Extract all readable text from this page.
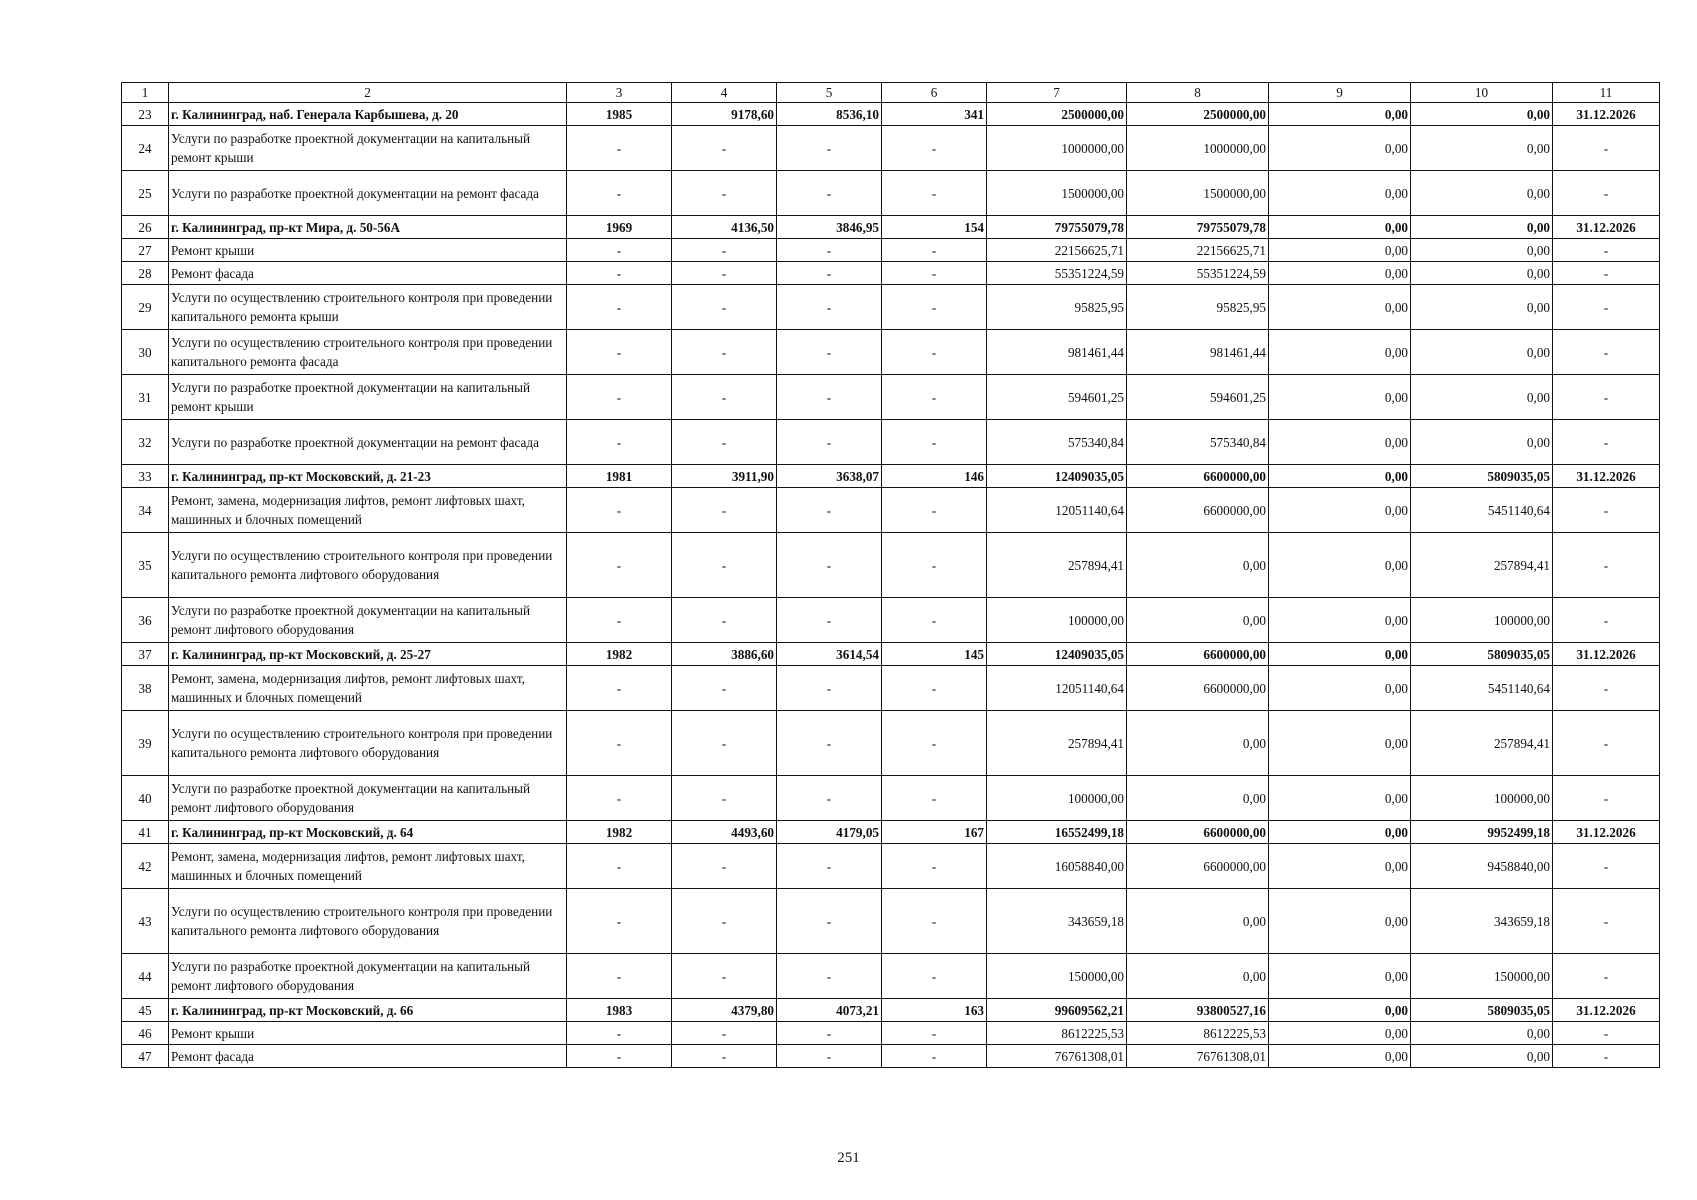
1	2	3	4	5	6	7	8	9	10	11
23	г. Калининград, наб. Генерала Карбышева, д. 20	1985	9178,60	8536,10	341	2500000,00	2500000,00	0,00	0,00	31.12.2026
24	Услуги по разработке проектной документации на капитальный ремонт крыши	-	-	-	-	1000000,00	1000000,00	0,00	0,00	-
25	Услуги по разработке проектной документации на ремонт фасада	-	-	-	-	1500000,00	1500000,00	0,00	0,00	-
26	г. Калининград, пр-кт Мира, д. 50-56А	1969	4136,50	3846,95	154	79755079,78	79755079,78	0,00	0,00	31.12.2026
27	Ремонт крыши	-	-	-	-	22156625,71	22156625,71	0,00	0,00	-
28	Ремонт фасада	-	-	-	-	55351224,59	55351224,59	0,00	0,00	-
29	Услуги по осуществлению строительного контроля при проведении капитального ремонта крыши	-	-	-	-	95825,95	95825,95	0,00	0,00	-
30	Услуги по осуществлению строительного контроля при проведении капитального ремонта фасада	-	-	-	-	981461,44	981461,44	0,00	0,00	-
31	Услуги по разработке проектной документации на капитальный ремонт крыши	-	-	-	-	594601,25	594601,25	0,00	0,00	-
32	Услуги по разработке проектной документации на ремонт фасада	-	-	-	-	575340,84	575340,84	0,00	0,00	-
33	г. Калининград, пр-кт Московский, д. 21-23	1981	3911,90	3638,07	146	12409035,05	6600000,00	0,00	5809035,05	31.12.2026
34	Ремонт, замена, модернизация лифтов, ремонт лифтовых шахт, машинных и блочных помещений	-	-	-	-	12051140,64	6600000,00	0,00	5451140,64	-
35	Услуги по осуществлению строительного контроля при проведении капитального ремонта лифтового оборудования	-	-	-	-	257894,41	0,00	0,00	257894,41	-
36	Услуги по разработке проектной документации на капитальный ремонт лифтового оборудования	-	-	-	-	100000,00	0,00	0,00	100000,00	-
37	г. Калининград, пр-кт Московский, д. 25-27	1982	3886,60	3614,54	145	12409035,05	6600000,00	0,00	5809035,05	31.12.2026
38	Ремонт, замена, модернизация лифтов, ремонт лифтовых шахт, машинных и блочных помещений	-	-	-	-	12051140,64	6600000,00	0,00	5451140,64	-
39	Услуги по осуществлению строительного контроля при проведении капитального ремонта лифтового оборудования	-	-	-	-	257894,41	0,00	0,00	257894,41	-
40	Услуги по разработке проектной документации на капитальный ремонт лифтового оборудования	-	-	-	-	100000,00	0,00	0,00	100000,00	-
41	г. Калининград, пр-кт Московский, д. 64	1982	4493,60	4179,05	167	16552499,18	6600000,00	0,00	9952499,18	31.12.2026
42	Ремонт, замена, модернизация лифтов, ремонт лифтовых шахт, машинных и блочных помещений	-	-	-	-	16058840,00	6600000,00	0,00	9458840,00	-
43	Услуги по осуществлению строительного контроля при проведении капитального ремонта лифтового оборудования	-	-	-	-	343659,18	0,00	0,00	343659,18	-
44	Услуги по разработке проектной документации на капитальный ремонт лифтового оборудования	-	-	-	-	150000,00	0,00	0,00	150000,00	-
45	г. Калининград, пр-кт Московский, д. 66	1983	4379,80	4073,21	163	99609562,21	93800527,16	0,00	5809035,05	31.12.2026
46	Ремонт крыши	-	-	-	-	8612225,53	8612225,53	0,00	0,00	-
47	Ремонт фасада	-	-	-	-	76761308,01	76761308,01	0,00	0,00	-
251
